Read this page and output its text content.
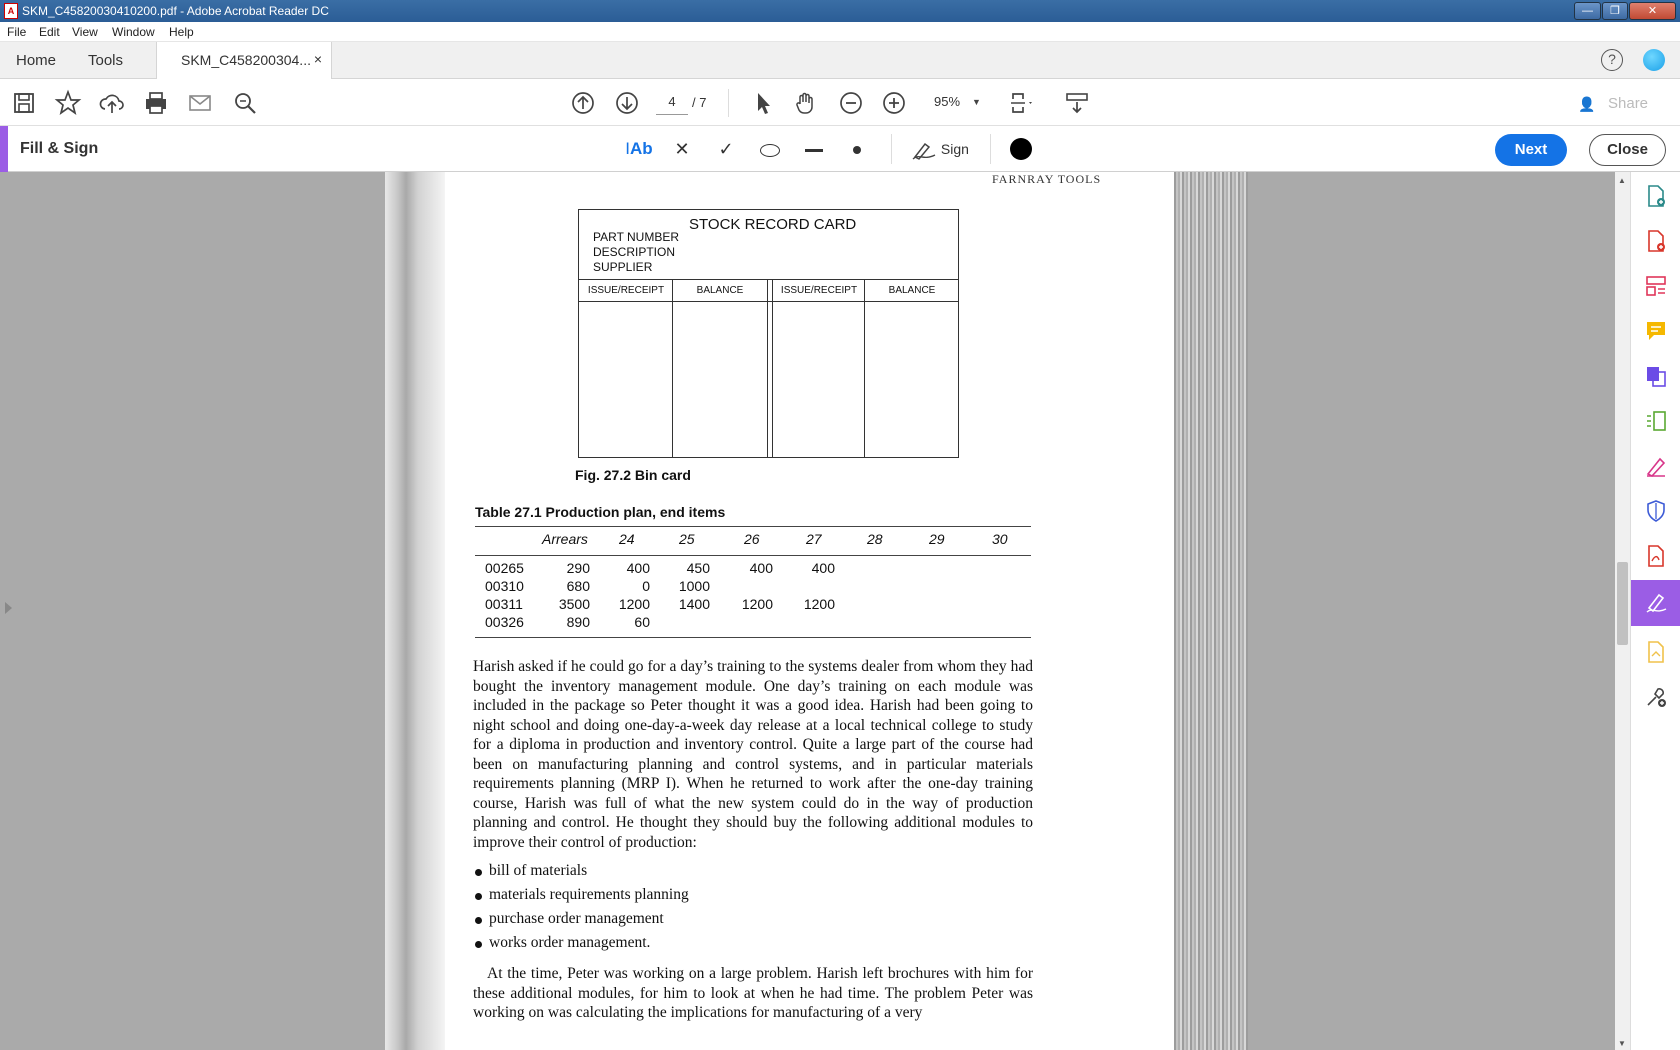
A SKM_C45820030410200.pdf - Adobe Acrobat Reader DC	—	❐	✕
File Edit View Window Help
Home Tools	SKM_C458200304... ×	?
4	/ 7	95% ▼	👤 Share
Fill & Sign	IAb ✕ ✓	Sign	Next	Close
FARNRAY TOOLS
STOCK RECORD CARD
PART NUMBER
DESCRIPTION
SUPPLIER
ISSUE/RECEIPT	BALANCE	ISSUE/RECEIPT	BALANCE
Fig. 27.2 Bin card
Table 27.1 Production plan, end items
Arrears 24	25	26	27	28	29	30
00265	290	400	450	400	400
00310	680	0	1000
00311	3500	1200	1400	1200	1200
00326	890	60

Harish asked if he could go for a day’s training to the systems dealer from whom they had bought the inventory management module. One day’s training on each module was included in the package so Peter thought it was a good idea. Harish had been going to night school and doing one-day-a-week day release at a local technical college to study for a diploma in production and inventory control. Quite a large part of the course had been on manufacturing planning and control systems, and in particular materials requirements planning (MRP I). When he returned to work after the one-day training course, Harish was full of what the new system could do in the way of production planning and control. He thought they should buy the following additional modules to improve their control of production:

bill of materials
materials requirements planning
purchase order management
works order management.

At the time, Peter was working on a large problem. Harish left brochures with him for these additional modules, for him to look at when he had time. The problem Peter was working on was calculating the implications for manufacturing of a very

▲
▼
